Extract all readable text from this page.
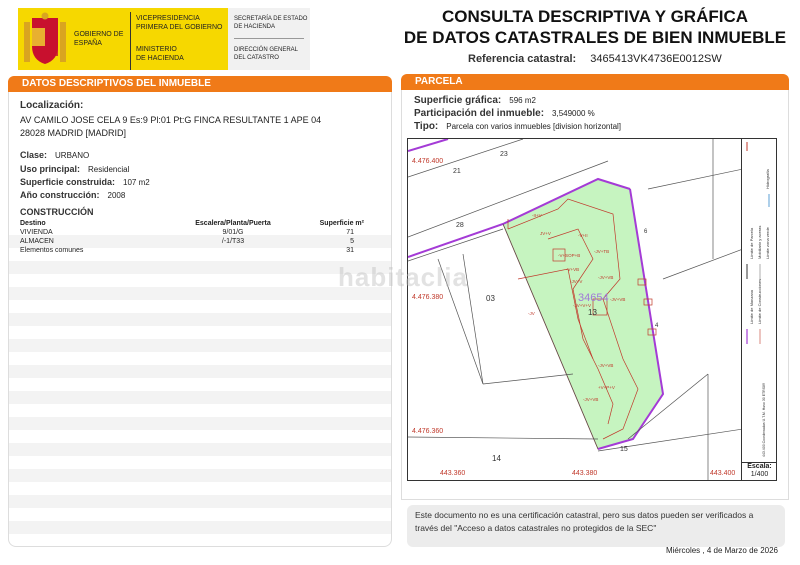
GOBIERNO DE ESPAÑA
VICEPRESIDENCIA
PRIMERA DEL GOBIERNO
MINISTERIO
DE HACIENDA
SECRETARÍA DE ESTADO
DE HACIENDA
DIRECCIÓN GENERAL
DEL CATASTRO
CONSULTA DESCRIPTIVA Y GRÁFICA
DE DATOS CATASTRALES DE BIEN INMUEBLE
Referencia catastral: 3465413VK4736E0012SW
DATOS DESCRIPTIVOS DEL INMUEBLE
Localización:
AV CAMILO JOSE CELA 9 Es:9 Pl:01 Pt:G FINCA RESULTANTE 1 APE 04
28028 MADRID [MADRID]
Clase: URBANO
Uso principal: Residencial
Superficie construida: 107 m2
Año construcción: 2008
CONSTRUCCIÓN
Destino	Escalera/Planta/Puerta	Superficie m²
VIVIENDA	9/01/G	71
ALMACEN	/-1/T33	5
Elementos comunes		31
PARCELA
Superficie gráfica: 596 m2
Participación del inmueble: 3,549000 %
Tipo: Parcela con varios inmuebles [division horizontal]
-II+V
-V+II
-V+SOP+B
-JV+TB
JV+V
-V+VB
-JV+V
-JV+VB
-JV+V+V
-JV+VB
-JV+VB
+V+P+V
-JV
-JV+VB
34654
13
03
14
21
23
28
15
6
4
4.476.400
4.476.380
4.476.360
443.360	443.380	443.400
Límite de Parcela
Límite de Manzana
Mobiliario y aceras
Límite de Construcciones
Hidrografía
Límite zona verde
443.400 Coordenadas U.T.M. Huso 30 ETRS89
Escala:
1/400
habitaclia
Este documento no es una certificación catastral, pero sus datos pueden ser verificados a través del "Acceso a datos catastrales no protegidos de la SEC"
Miércoles , 4 de Marzo de 2026
